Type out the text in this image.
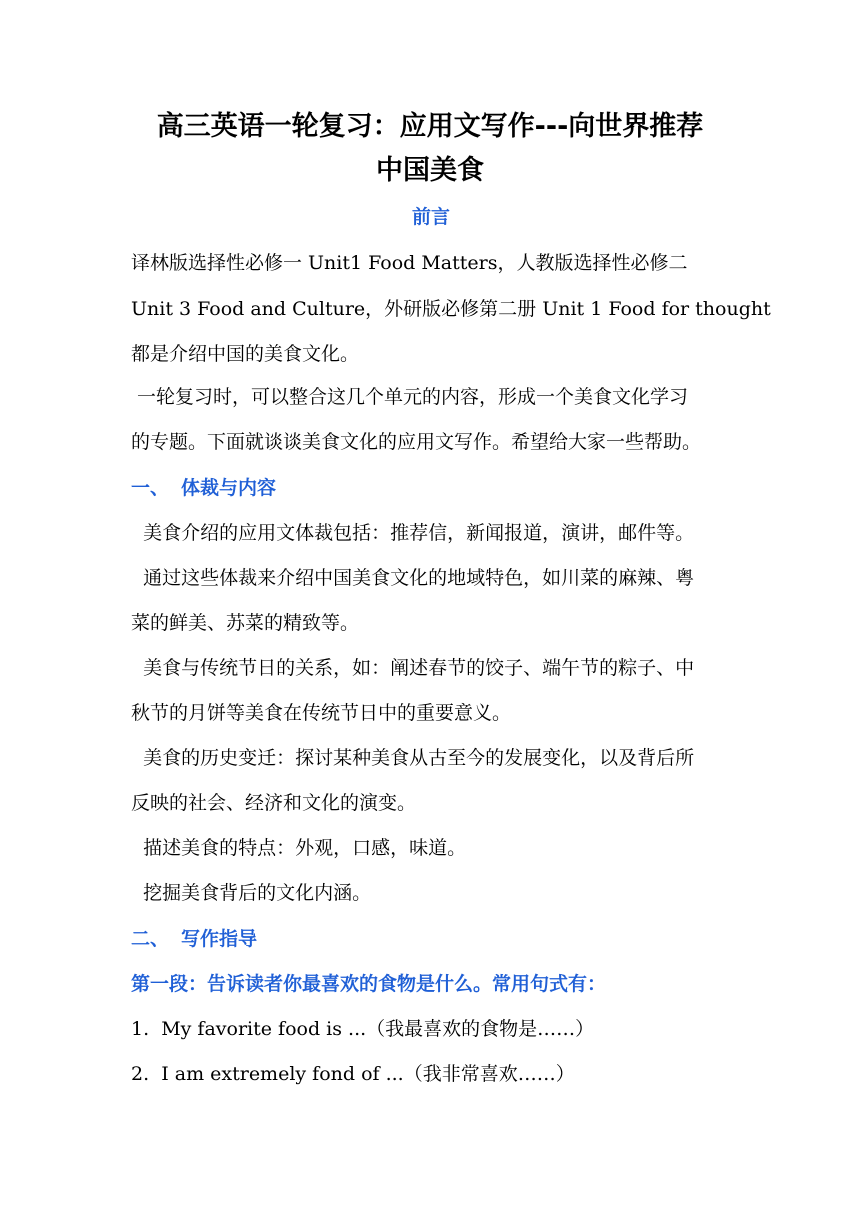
高三英语一轮复习：应用文写作---向世界推荐
中国美食
前言
译林版选择性必修一 Unit1 Food Matters，人教版选择性必修二
Unit 3 Food and Culture，外研版必修第二册 Unit 1 Food for thought
都是介绍中国的美食文化。
一轮复习时，可以整合这几个单元的内容，形成一个美食文化学习
的专题。下面就谈谈美食文化的应用文写作。希望给大家一些帮助。
一、 体裁与内容
美食介绍的应用文体裁包括：推荐信，新闻报道，演讲，邮件等。
通过这些体裁来介绍中国美食文化的地域特色，如川菜的麻辣、粤
菜的鲜美、苏菜的精致等。
美食与传统节日的关系，如：阐述春节的饺子、端午节的粽子、中
秋节的月饼等美食在传统节日中的重要意义。
美食的历史变迁：探讨某种美食从古至今的发展变化，以及背后所
反映的社会、经济和文化的演变。
描述美食的特点：外观，口感，味道。
挖掘美食背后的文化内涵。
二、 写作指导
第一段：告诉读者你最喜欢的食物是什么。常用句式有：
1.  My favorite food is ...（我最喜欢的食物是……）
2.  I am extremely fond of ...（我非常喜欢……）
